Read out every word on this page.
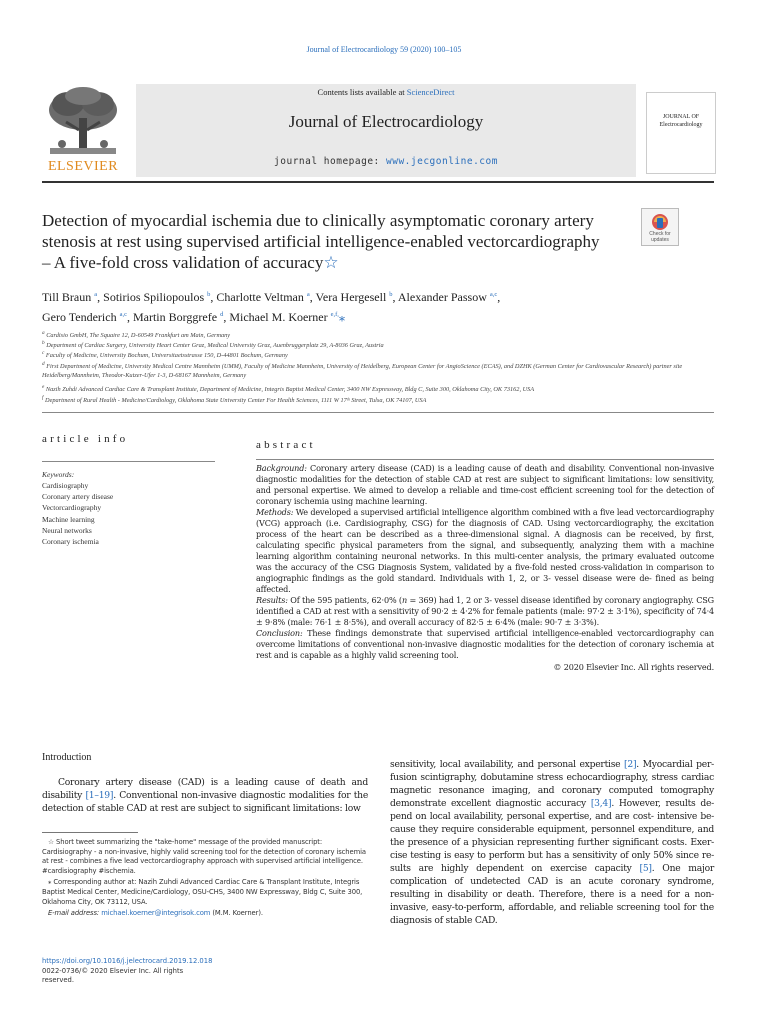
Journal of Electrocardiology 59 (2020) 100–105
ELSEVIER
Contents lists available at ScienceDirect
Journal of Electrocardiology
journal homepage: www.jecgonline.com
JOURNAL OF
Electrocardiology
Detection of myocardial ischemia due to clinically asymptomatic coronary artery stenosis at rest using supervised artificial intelligence-enabled vectorcardiography – A five-fold cross validation of accuracy☆
Check for
updates
Till Braun $^a$, Sotirios Spiliopoulos $^b$, Charlotte Veltman $^a$, Vera Hergesell $^b$, Alexander Passow $^{a,c}$,
Gero Tenderich $^{a,c}$, Martin Borggrefe $^d$, Michael M. Koerner $^{e,f,}$⁎
$^a$ Cardisio GmbH, The Squaire 12, D-60549 Frankfurt am Main, Germany
$^b$ Department of Cardiac Surgery, University Heart Center Graz, Medical University Graz, Auenbruggerplatz 29, A-8036 Graz, Austria
$^c$ Faculty of Medicine, University Bochum, Universitaetsstrasse 150, D-44801 Bochum, Germany
$^d$ First Department of Medicine, University Medical Centre Mannheim (UMM), Faculty of Medicine Mannheim, University of Heidelberg, European Center for AngioScience (ECAS), and DZHK (German Center for Cardiovascular Research) partner site Heidelberg/Mannheim, Theodor-Kutzer-Ufer 1-3, D-68167 Mannheim, Germany
$^e$ Nazih Zuhdi Advanced Cardiac Care & Transplant Institute, Department of Medicine, Integris Baptist Medical Center, 3400 NW Expressway, Bldg C, Suite 300, Oklahoma City, OK 73162, USA
$^f$ Department of Rural Health - Medicine/Cardiology, Oklahoma State University Center For Health Sciences, 1111 W 17ᵗʰ Street, Tulsa, OK 74107, USA
article info
Keywords:
Cardisiography
Coronary artery disease
Vectorcardiography
Machine learning
Neural networks
Coronary ischemia
abstract

Background: Coronary artery disease (CAD) is a leading cause of death and disability. Conventional non-invasive diagnostic modalities for the detection of stable CAD at rest are subject to significant limitations: low sensitivity, and personal expertise. We aimed to develop a reliable and time-cost efficient screening tool for the detection of coronary ischemia using machine learning.

Methods: We developed a supervised artificial intelligence algorithm combined with a five lead vectorcardiography (VCG) approach (i.e. Cardisiography, CSG) for the diagnosis of CAD. Using vectorcardiography, the excitation process of the heart can be described as a three-dimensional signal. A diagnosis can be received, by first, calculating specific physical parameters from the signal, and subsequently, analyzing them with a machine learning algorithm containing neuronal networks. In this multi-center analysis, the primary evaluated outcome was the accuracy of the CSG Diagnosis System, validated by a five-fold nested cross-validation in comparison to angiographic findings as the gold standard. Individuals with 1, 2, or 3- vessel disease were de- fined as being affected.

Results: Of the 595 patients, 62·0% (n = 369) had 1, 2 or 3- vessel disease identified by coronary angiography. CSG identified a CAD at rest with a sensitivity of 90·2 ± 4·2% for female patients (male: 97·2 ± 3·1%), specificity of 74·4 ± 9·8% (male: 76·1 ± 8·5%), and overall accuracy of 82·5 ± 6·4% (male: 90·7 ± 3·3%).

Conclusion: These findings demonstrate that supervised artificial intelligence-enabled vectorcardiography can overcome limitations of conventional non-invasive diagnostic modalities for the detection of coronary ischemia at rest and is capable as a highly valid screening tool.

© 2020 Elsevier Inc. All rights reserved.

Introduction
Coronary artery disease (CAD) is a leading cause of death and disability [1–19]. Conventional non-invasive diagnostic modalities for the detection of stable CAD at rest are subject to significant limitations: low
sensitivity, local availability, and personal expertise [2]. Myocardial per- fusion scintigraphy, dobutamine stress echocardiography, stress cardiac magnetic resonance imaging, and coronary computed tomography demonstrate excellent diagnostic accuracy [3,4]. However, results de- pend on local availability, personal expertise, and are cost- intensive be- cause they require considerable equipment, personnel expenditure, and the presence of a physician representing further significant costs. Exer- cise testing is easy to perform but has a sensitivity of only 50% since re- sults are highly dependent on exercise capacity [5]. One major complication of undetected CAD is an acute coronary syndrome, resulting in disability or death. Therefore, there is a need for a non- invasive, easy-to-perform, affordable, and reliable screening tool for the diagnosis of stable CAD.

☆ Short tweet summarizing the "take-home" message of the provided manuscript: Cardisiography - a non-invasive, highly valid screening tool for the detection of coronary ischemia at rest - combines a five lead vectorcardiography approach with supervised artificial intelligence. #cardisiography #ischemia.

⁎ Corresponding author at: Nazih Zuhdi Advanced Cardiac Care & Transplant Institute, Integris Baptist Medical Center, Medicine/Cardiology, OSU-CHS, 3400 NW Expressway, Bldg C, Suite 300, Oklahoma City, OK 73112, USA.

E-mail address: michael.koerner@integrisok.com (M.M. Koerner).

https://doi.org/10.1016/j.jelectrocard.2019.12.018
0022-0736/© 2020 Elsevier Inc. All rights
reserved.
